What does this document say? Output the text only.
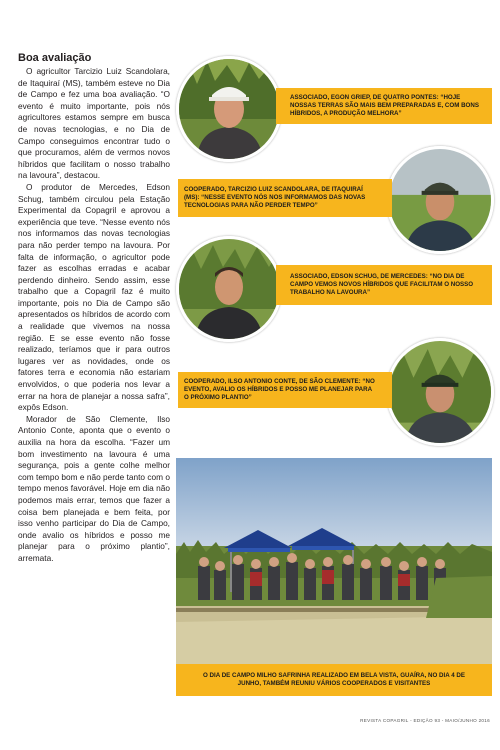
Boa avaliação

O agricultor Tarcizio Luiz Scandolara, de Itaquiraí (MS), também esteve no Dia de Campo e fez uma boa avaliação. “O evento é muito importante, pois nós agricultores estamos sempre em busca de novas tecnologias, e no Dia de Campo conseguimos encontrar tudo o que procuramos, além de vermos novos híbridos que facilitam o nosso trabalho na lavoura”, destacou.

O produtor de Mercedes, Edson Schug, também circulou pela Estação Experimental da Copagril e aprovou a experiência que teve. “Nesse evento nós nos informamos das novas tecnologias para não perder tempo na lavoura. Por falta de informação, o agricultor pode fazer as escolhas erradas e acabar perdendo dinheiro. Sendo assim, esse trabalho que a Copagril faz é muito importante, pois no Dia de Campo são apresentados os híbridos de acordo com a realidade que vivemos na nossa região. E se esse evento não fosse realizado, teríamos que ir para outros lugares ver as novidades, onde os fatores terra e economia não estariam envolvidos, o que poderia nos levar a errar na hora de planejar a nossa safra”, expôs Edson.

Morador de São Clemente, Ilso Antonio Conte, aponta que o evento o auxilia na hora da escolha. “Fazer um bom investimento na lavoura é uma segurança, pois a gente colhe melhor com tempo bom e não perde tanto com o tempo menos favorável. Hoje em dia não podemos mais errar, temos que fazer a coisa bem planejada e bem feita, por isso venho participar do Dia de Campo, onde avalio os híbridos e posso me planejar para o próximo plantio”, arremata.

ASSOCIADO, EGON GRIEP, DE QUATRO PONTES: “HOJE NOSSAS TERRAS SÃO MAIS BEM PREPARADAS E, COM BONS HÍBRIDOS, A PRODUÇÃO MELHORA”
COOPERADO, TARCIZIO LUIZ SCANDOLARA, DE ITAQUIRAÍ (MS): “NESSE EVENTO NÓS NOS INFORMAMOS DAS NOVAS TECNOLOGIAS PARA NÃO PERDER TEMPO”
ASSOCIADO, EDSON SCHUG, DE MERCEDES: “NO DIA DE CAMPO VEMOS NOVOS HÍBRIDOS QUE FACILITAM O NOSSO TRABALHO NA LAVOURA”
COOPERADO, ILSO ANTONIO CONTE, DE SÃO CLEMENTE: “NO EVENTO, AVALIO OS HÍBRIDOS E POSSO ME PLANEJAR PARA O PRÓXIMO PLANTIO”
O DIA DE CAMPO MILHO SAFRINHA REALIZADO EM BELA VISTA, GUAÍRA, NO DIA 4 DE JUNHO, TAMBÉM REUNIU VÁRIOS COOPERADOS E VISITANTES
REVISTA COPAGRIL - EDIÇÃO 93 - MAIO/JUNHO 2016
